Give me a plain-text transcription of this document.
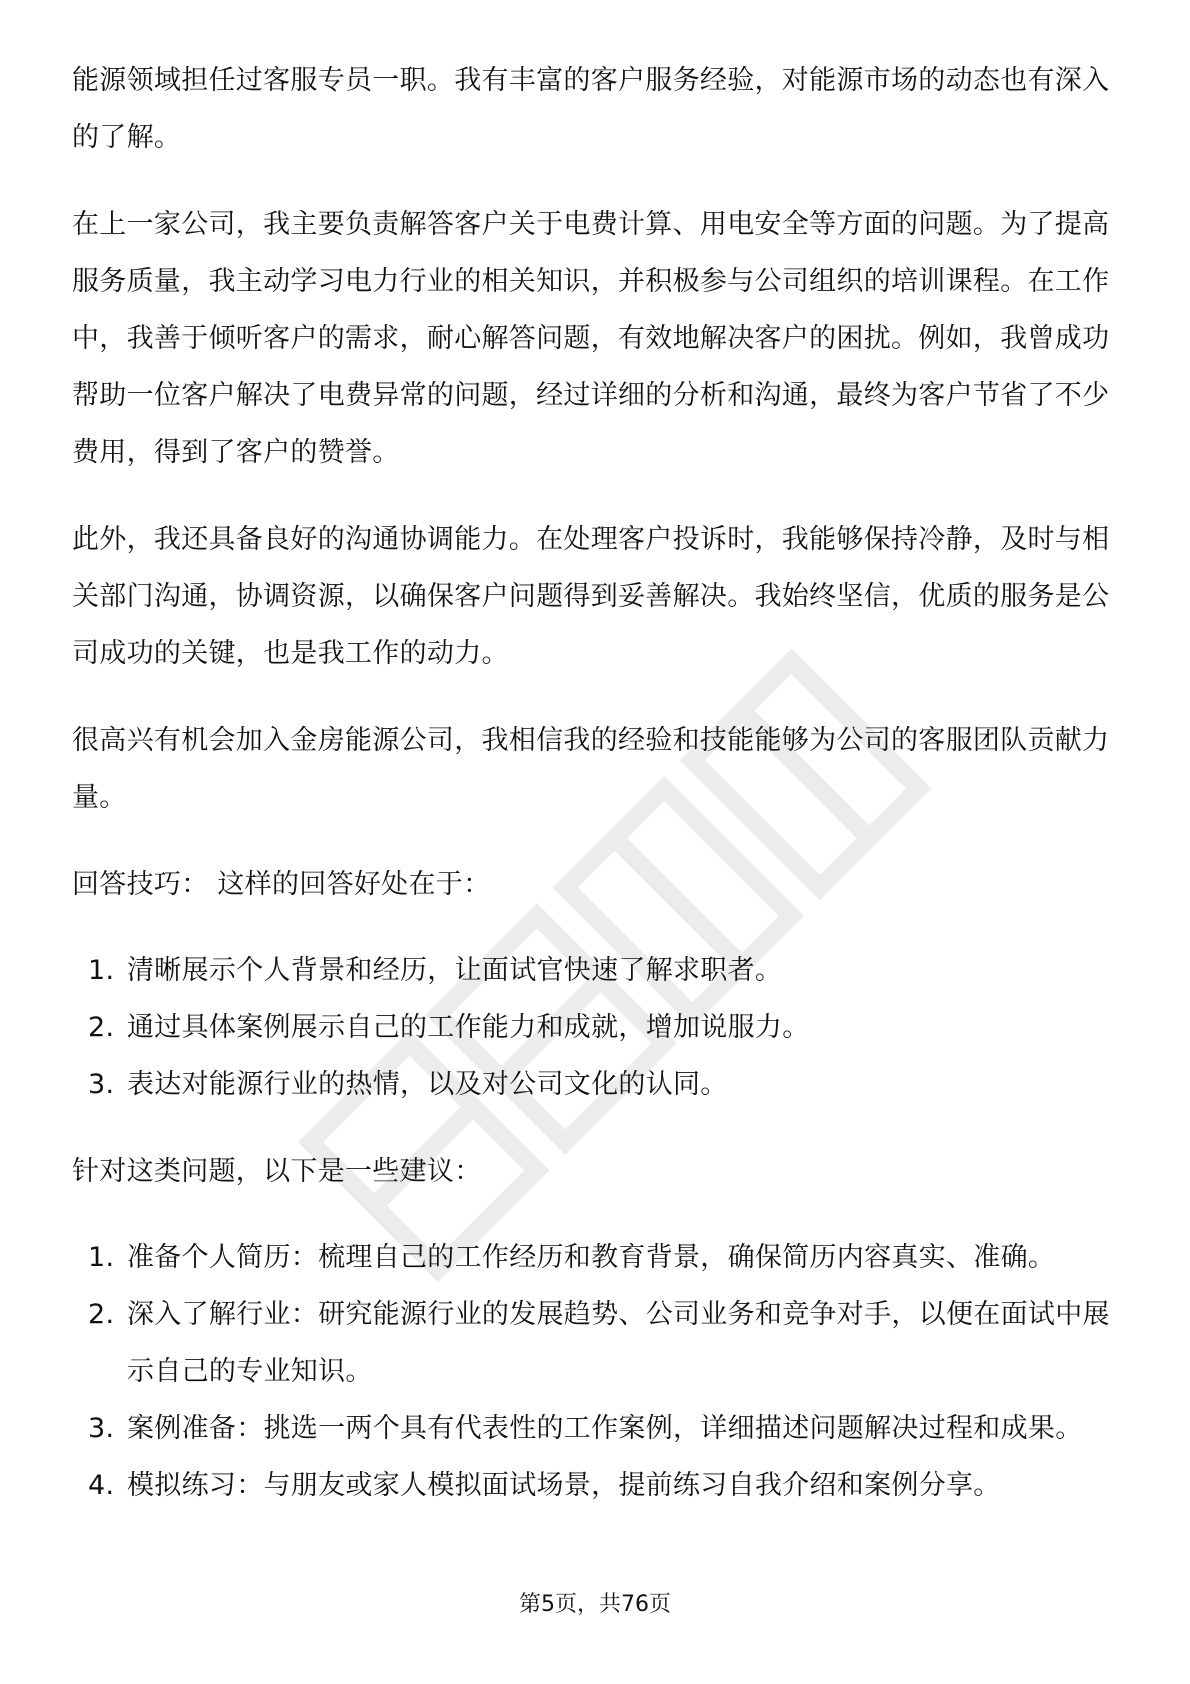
能源领域担任过客服专员一职。我有丰富的客户服务经验，对能源市场的动态也有深入的了解。

在上一家公司，我主要负责解答客户关于电费计算、用电安全等方面的问题。为了提高服务质量，我主动学习电力行业的相关知识，并积极参与公司组织的培训课程。在工作中，我善于倾听客户的需求，耐心解答问题，有效地解决客户的困扰。例如，我曾成功帮助一位客户解决了电费异常的问题，经过详细的分析和沟通，最终为客户节省了不少费用，得到了客户的赞誉。

此外，我还具备良好的沟通协调能力。在处理客户投诉时，我能够保持冷静，及时与相关部门沟通，协调资源，以确保客户问题得到妥善解决。我始终坚信，优质的服务是公司成功的关键，也是我工作的动力。

很高兴有机会加入金房能源公司，我相信我的经验和技能能够为公司的客服团队贡献力量。

回答技巧： 这样的回答好处在于：

1. 清晰展示个人背景和经历，让面试官快速了解求职者。
2. 通过具体案例展示自己的工作能力和成就，增加说服力。
3. 表达对能源行业的热情，以及对公司文化的认同。

针对这类问题，以下是一些建议：

1. 准备个人简历：梳理自己的工作经历和教育背景，确保简历内容真实、准确。
2. 深入了解行业：研究能源行业的发展趋势、公司业务和竞争对手，以便在面试中展示自己的专业知识。
3. 案例准备：挑选一两个具有代表性的工作案例，详细描述问题解决过程和成果。
4. 模拟练习：与朋友或家人模拟面试场景，提前练习自我介绍和案例分享。
第5页，共76页
